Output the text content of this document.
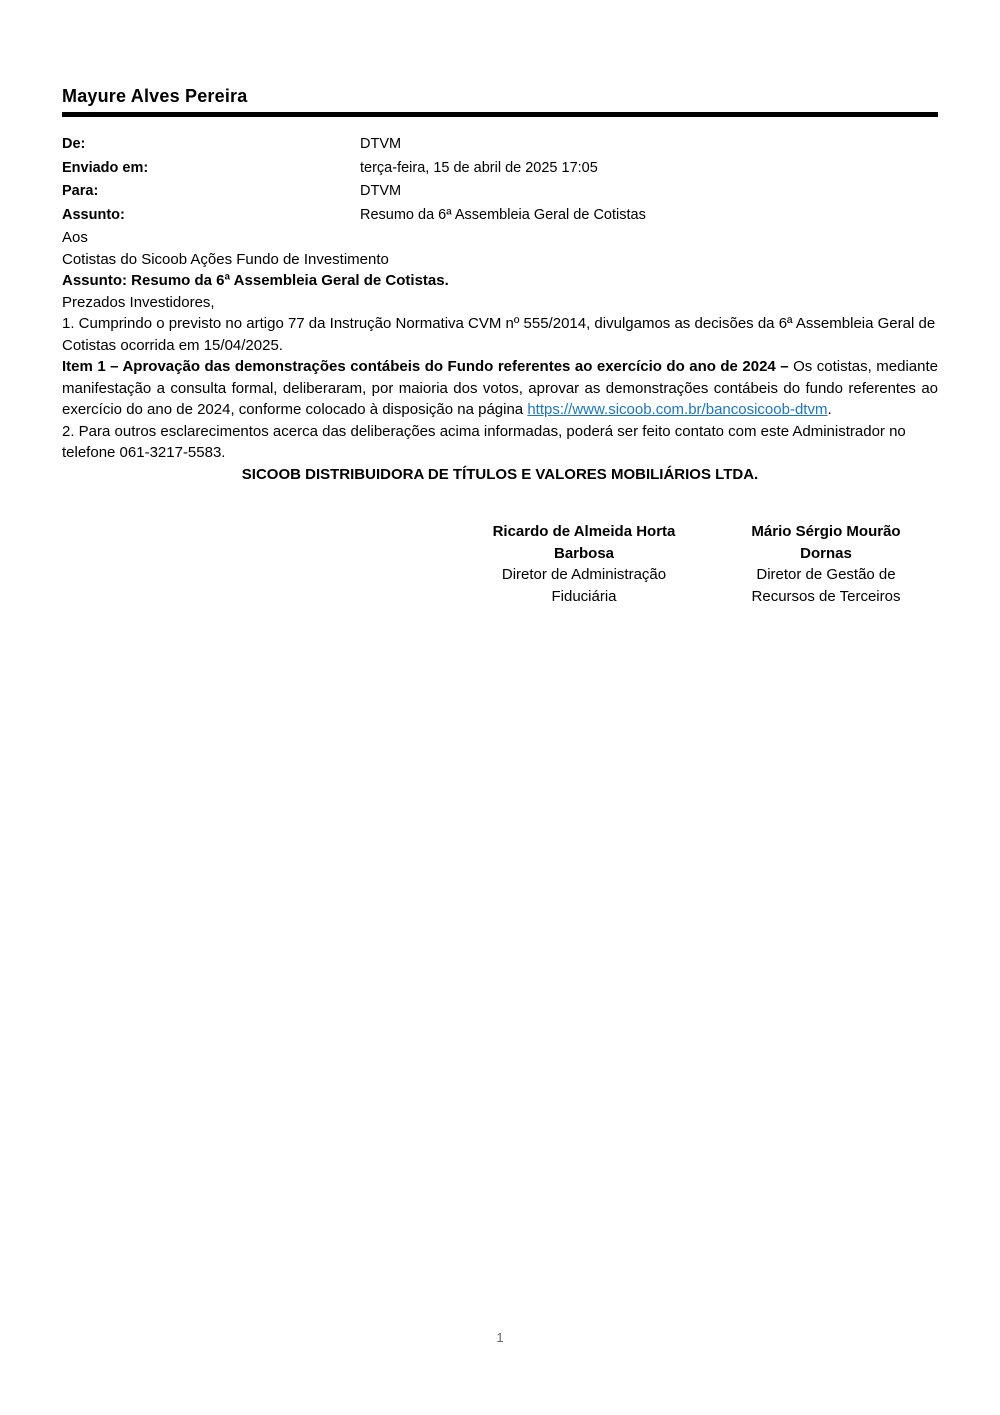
Mayure Alves Pereira
De:	DTVM
Enviado em:	terça-feira, 15 de abril de 2025 17:05
Para:	DTVM
Assunto:	Resumo da 6ª Assembleia Geral de Cotistas

Aos

Cotistas do Sicoob Ações Fundo de Investimento

Assunto: Resumo da 6ª Assembleia Geral de Cotistas.

Prezados Investidores,

1. Cumprindo o previsto no artigo 77 da Instrução Normativa CVM nº 555/2014, divulgamos as decisões da 6ª Assembleia Geral de Cotistas ocorrida em 15/04/2025.

Item 1 – Aprovação das demonstrações contábeis do Fundo referentes ao exercício do ano de 2024 – Os cotistas, mediante manifestação a consulta formal, deliberaram, por maioria dos votos, aprovar as demonstrações contábeis do fundo referentes ao exercício do ano de 2024, conforme colocado à disposição na página https://www.sicoob.com.br/bancosicoob-dtvm.

2. Para outros esclarecimentos acerca das deliberações acima informadas, poderá ser feito contato com este Administrador no telefone 061-3217-5583.

SICOOB DISTRIBUIDORA DE TÍTULOS E VALORES MOBILIÁRIOS LTDA.

Ricardo de Almeida Horta Barbosa
Diretor de Administração Fiduciária
Mário Sérgio Mourão Dornas
Diretor de Gestão de Recursos de Terceiros
1
